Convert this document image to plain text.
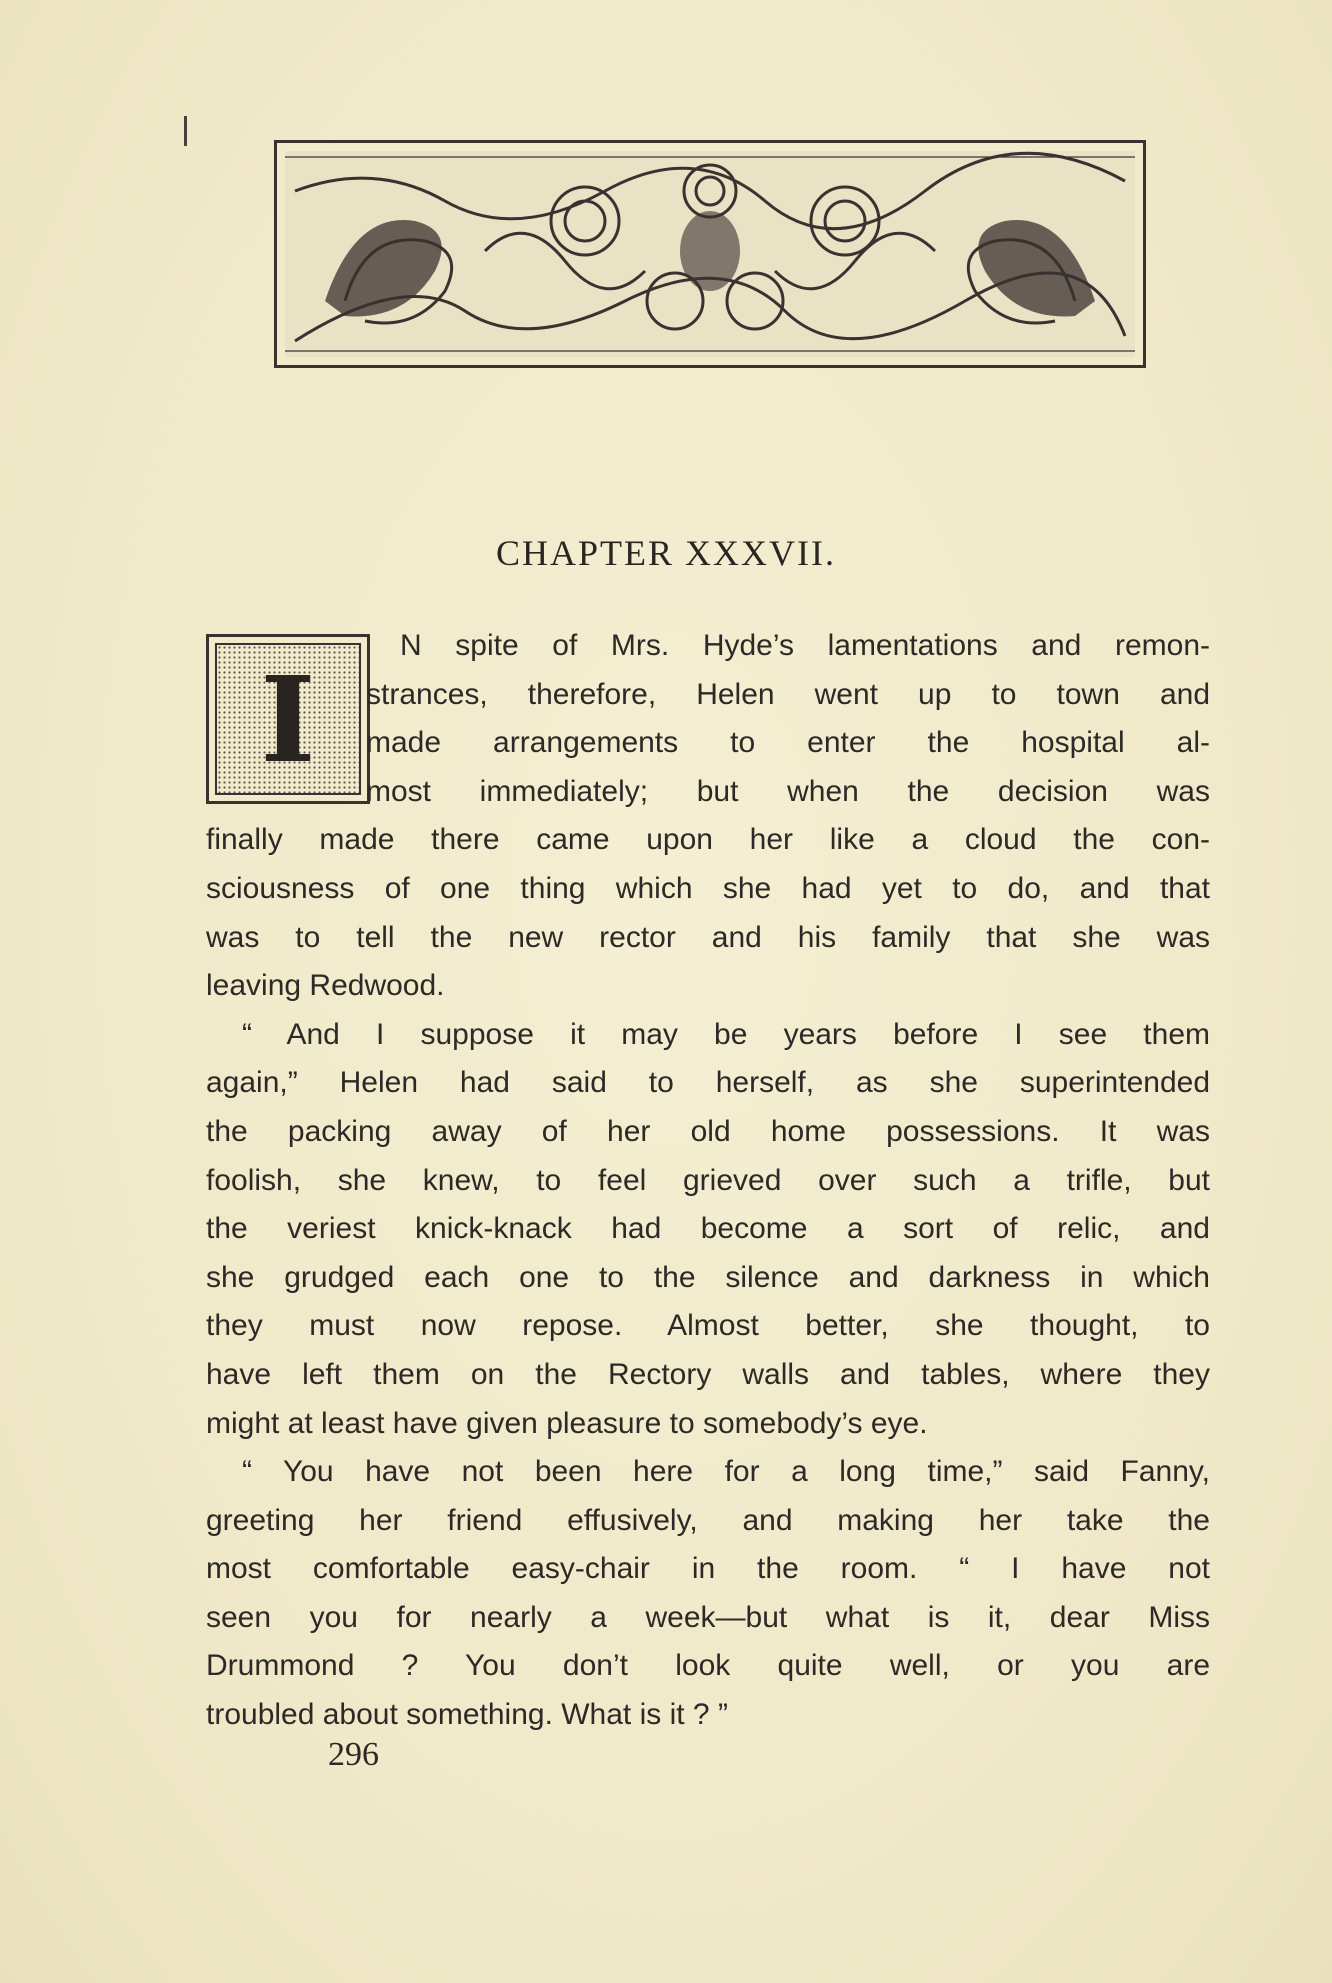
CHAPTER XXXVII.
I
N spite of Mrs. Hyde’s lamentations and remon-
strances, therefore, Helen went up to town and
made arrangements to enter the hospital al-
most immediately; but when the decision was
finally made there came upon her like a cloud the con-
sciousness of one thing which she had yet to do, and that
was to tell the new rector and his family that she was
leaving Redwood.
“ And I suppose it may be years before I see them
again,” Helen had said to herself, as she superintended
the packing away of her old home possessions. It was
foolish, she knew, to feel grieved over such a trifle, but
the veriest knick-knack had become a sort of relic, and
she grudged each one to the silence and darkness in which
they must now repose. Almost better, she thought, to
have left them on the Rectory walls and tables, where they
might at least have given pleasure to somebody’s eye.
“ You have not been here for a long time,” said Fanny,
greeting her friend effusively, and making her take the
most comfortable easy-chair in the room. “ I have not
seen you for nearly a week—but what is it, dear Miss
Drummond ? You don’t look quite well, or you are
troubled about something. What is it ? ”
296
